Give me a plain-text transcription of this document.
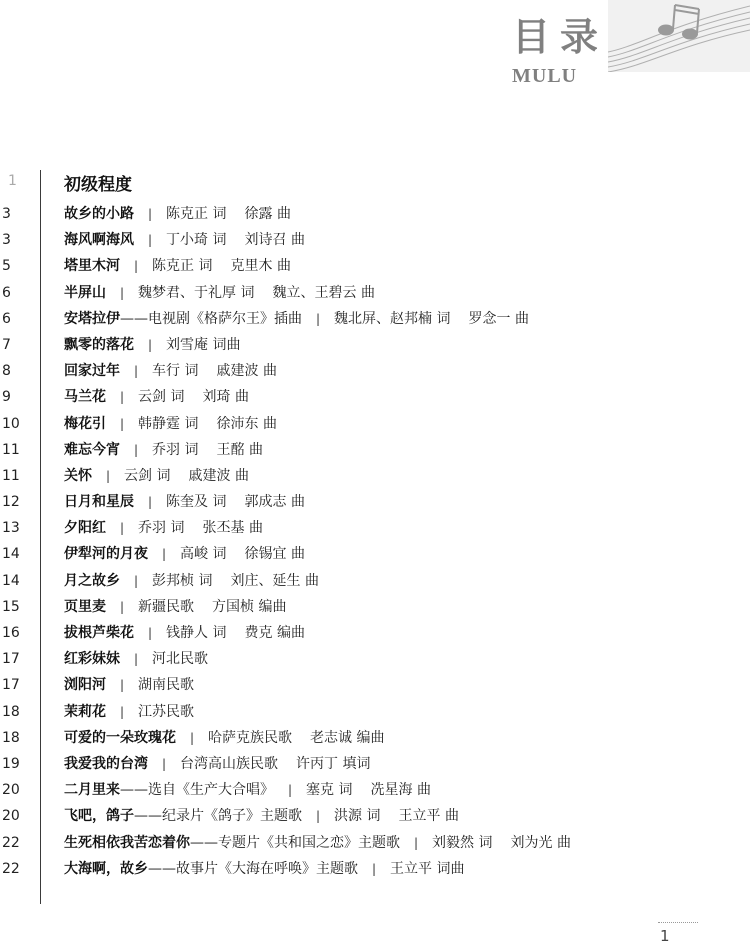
目录
MULU
1	初级程度
3	故乡的小路 | 陈克正 词 徐露 曲
3	海风啊海风 | 丁小琦 词 刘诗召 曲
5	塔里木河 | 陈克正 词 克里木 曲
6	半屏山 | 魏梦君、于礼厚 词 魏立、王碧云 曲
6	安塔拉伊——电视剧《格萨尔王》插曲 | 魏北屏、赵邦楠 词 罗念一 曲
7	飘零的落花 | 刘雪庵 词曲
8	回家过年 | 车行 词 戚建波 曲
9	马兰花 | 云剑 词 刘琦 曲
10	梅花引 | 韩静霆 词 徐沛东 曲
11	难忘今宵 | 乔羽 词 王酩 曲
11	关怀 | 云剑 词 戚建波 曲
12	日月和星辰 | 陈奎及 词 郭成志 曲
13	夕阳红 | 乔羽 词 张丕基 曲
14	伊犁河的月夜 | 高峻 词 徐锡宜 曲
14	月之故乡 | 彭邦桢 词 刘庄、延生 曲
15	页里麦 | 新疆民歌 方国桢 编曲
16	拔根芦柴花 | 钱静人 词 费克 编曲
17	红彩妹妹 | 河北民歌
17	浏阳河 | 湖南民歌
18	茉莉花 | 江苏民歌
18	可爱的一朵玫瑰花 | 哈萨克族民歌 老志诚 编曲
19	我爱我的台湾 | 台湾高山族民歌 许丙丁 填词
20	二月里来——选自《生产大合唱》 | 塞克 词 冼星海 曲
20	飞吧，鸽子——纪录片《鸽子》主题歌 | 洪源 词 王立平 曲
22	生死相依我苦恋着你——专题片《共和国之恋》主题歌 | 刘毅然 词 刘为光 曲
22	大海啊，故乡——故事片《大海在呼唤》主题歌 | 王立平 词曲
1
